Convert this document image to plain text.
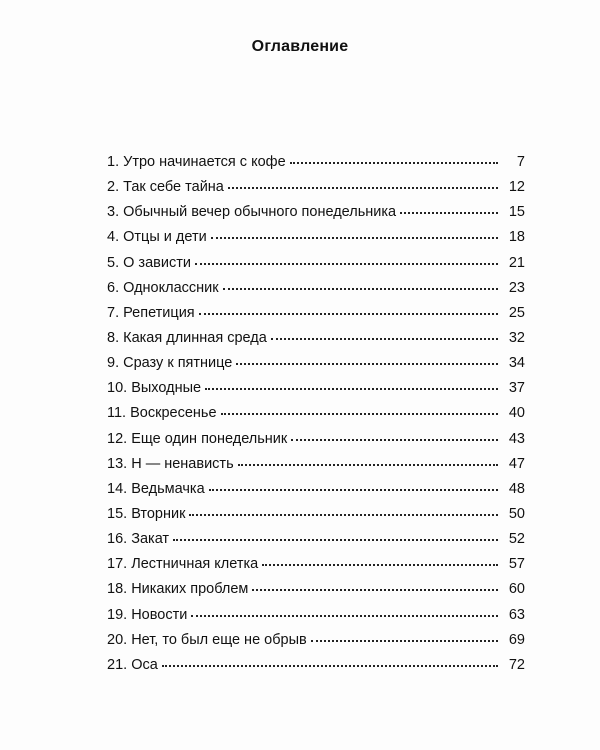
Оглавление
1. Утро начинается с кофе	7
2. Так себе тайна	12
3. Обычный вечер обычного понедельника	15
4. Отцы и дети	18
5. О зависти	21
6. Одноклассник	23
7. Репетиция	25
8. Какая длинная среда	32
9. Сразу к пятнице	34
10. Выходные	37
11. Воскресенье	40
12. Еще один понедельник	43
13. Н — ненависть	47
14. Ведьмачка	48
15. Вторник	50
16. Закат	52
17. Лестничная клетка	57
18. Никаких проблем	60
19. Новости	63
20. Нет, то был еще не обрыв	69
21. Оса	72
